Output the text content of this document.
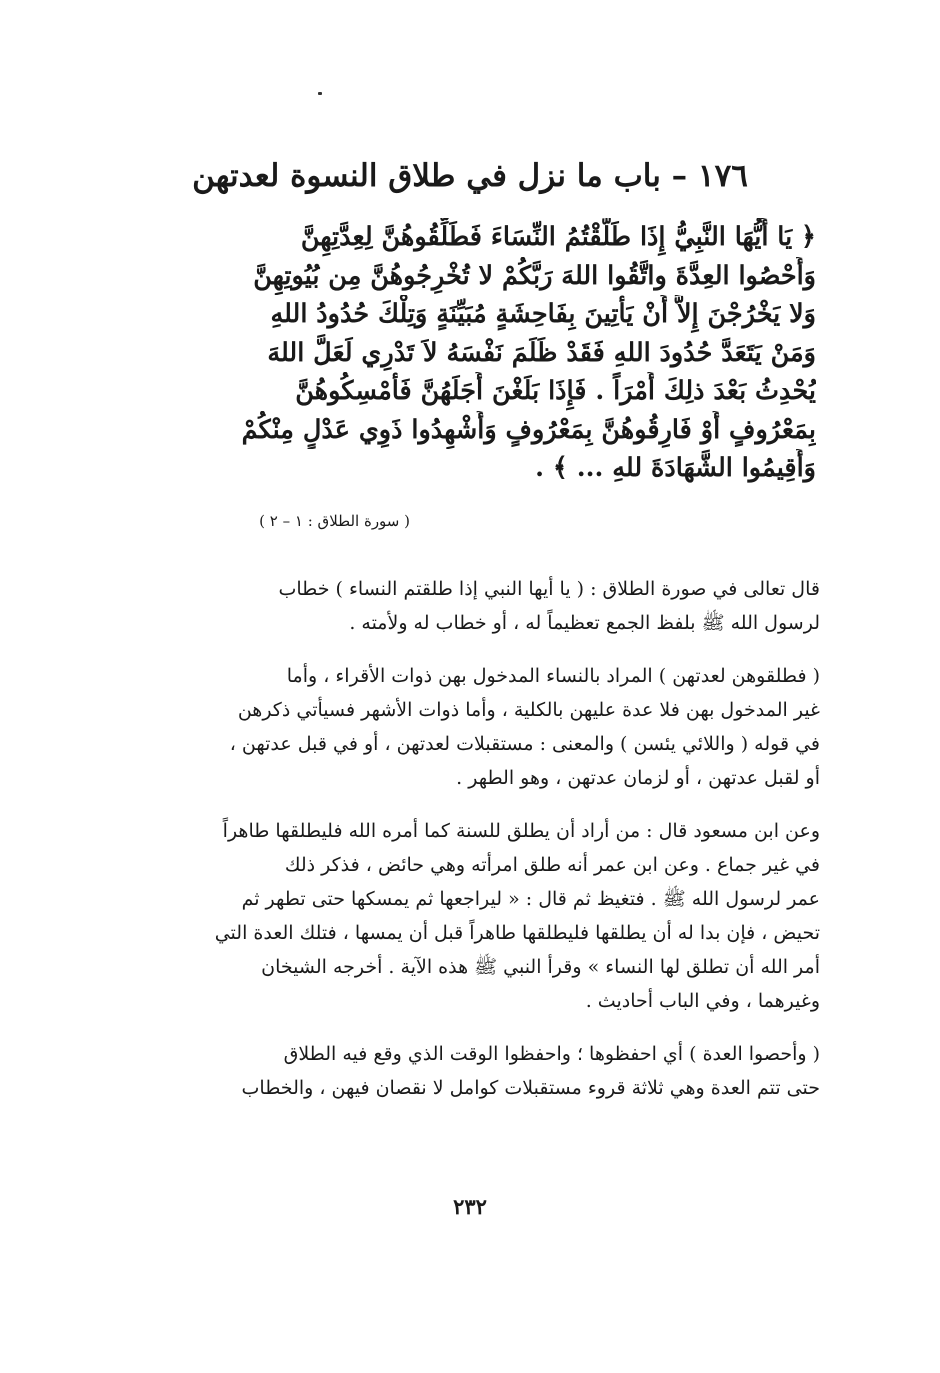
١٧٦ – باب ما نزل في طلاق النسوة لعدتهن
﴿ يَا أَيُّهَا النَّبِيُّ إِذَا طَلَّقْتُمُ النِّسَاءَ فَطَلِّقُوهُنَّ لِعِدَّتِهِنَّ
وَأَحْصُوا العِدَّةَ واتَّقُوا اللهَ رَبَّكُمْ لا تُخْرِجُوهُنَّ مِن بُيُوتِهِنَّ
وَلا يَخْرُجْنَ إِلاَّ أَنْ يَأْتِينَ بِفَاحِشَةٍ مُبَيِّنَةٍ وَتِلْكَ حُدُودُ اللهِ
وَمَنْ يَتَعَدَّ حُدُودَ اللهِ فَقَدْ ظَلَمَ نَفْسَهُ لاَ تَدْرِي لَعَلَّ اللهَ
يُحْدِثُ بَعْدَ ذلِكَ أَمْرَاً . فَإِذَا بَلَغْنَ أَجَلَهُنَّ فَأَمْسِكُوهُنَّ
بِمَعْرُوفٍ أَوْ فَارِقُوهُنَّ بِمَعْرُوفٍ وَأَشْهِدُوا ذَوِي عَدْلٍ مِنْكُمْ
وَأَقِيمُوا الشَّهَادَةَ للهِ ... ﴾ .
( سورة الطلاق : ١ – ٢ )
قال تعالى في صورة الطلاق : ( يا أيها النبي إذا طلقتم النساء ) خطاب
لرسول الله ﷺ بلفظ الجمع تعظيماً له ، أو خطاب له ولأمته .
( فطلقوهن لعدتهن ) المراد بالنساء المدخول بهن ذوات الأقراء ، وأما
غير المدخول بهن فلا عدة عليهن بالكلية ، وأما ذوات الأشهر فسيأتي ذكرهن
في قوله ( واللائي يئسن ) والمعنى : مستقبلات لعدتهن ، أو في قبل عدتهن ،
أو لقبل عدتهن ، أو لزمان عدتهن ، وهو الطهر .
وعن ابن مسعود قال : من أراد أن يطلق للسنة كما أمره الله فليطلقها طاهراً
في غير جماع . وعن ابن عمر أنه طلق امرأته وهي حائض ، فذكر ذلك
عمر لرسول الله ﷺ . فتغيظ ثم قال : « ليراجعها ثم يمسكها حتى تطهر ثم
تحيض ، فإن بدا له أن يطلقها فليطلقها طاهراً قبل أن يمسها ، فتلك العدة التي
أمر الله أن تطلق لها النساء » وقرأ النبي ﷺ هذه الآية . أخرجه الشيخان
وغيرهما ، وفي الباب أحاديث .
( وأحصوا العدة ) أي احفظوها ؛ واحفظوا الوقت الذي وقع فيه الطلاق
حتى تتم العدة وهي ثلاثة قروء مستقبلات كوامل لا نقصان فيهن ، والخطاب
٢٣٢
